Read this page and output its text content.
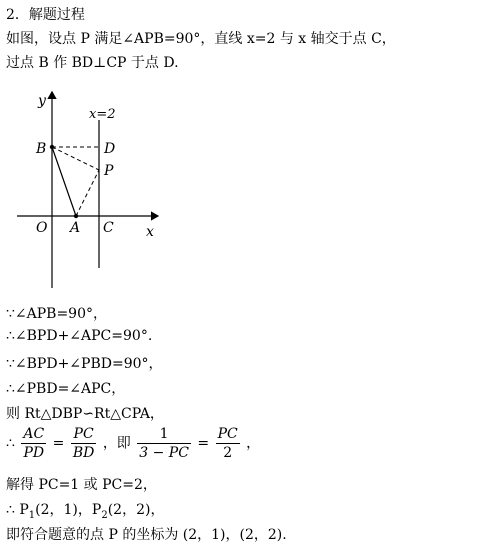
2．解题过程
如图，设点 P 满足∠APB=90°，直线 x=2 与 x 轴交于点 C，
过点 B 作 BD⊥CP 于点 D.
y
x
x=2
B	D
P
O A C
∵∠APB=90°，
∴∠BPD+∠APC=90°.
∵∠BPD+∠PBD=90°，
∴∠PBD=∠APC，
则 Rt△DBP∽Rt△CPA，
∴ $\frac{AC}{PD} = \frac{PC}{BD}$ ，即 $\frac{1}{3 - PC} = \frac{PC}{2}$ ，
解得 PC=1 或 PC=2，
∴ $P_1(2$，1)，$P_2(2$，2)，
即符合题意的点 P 的坐标为 (2，1)，(2，2).
